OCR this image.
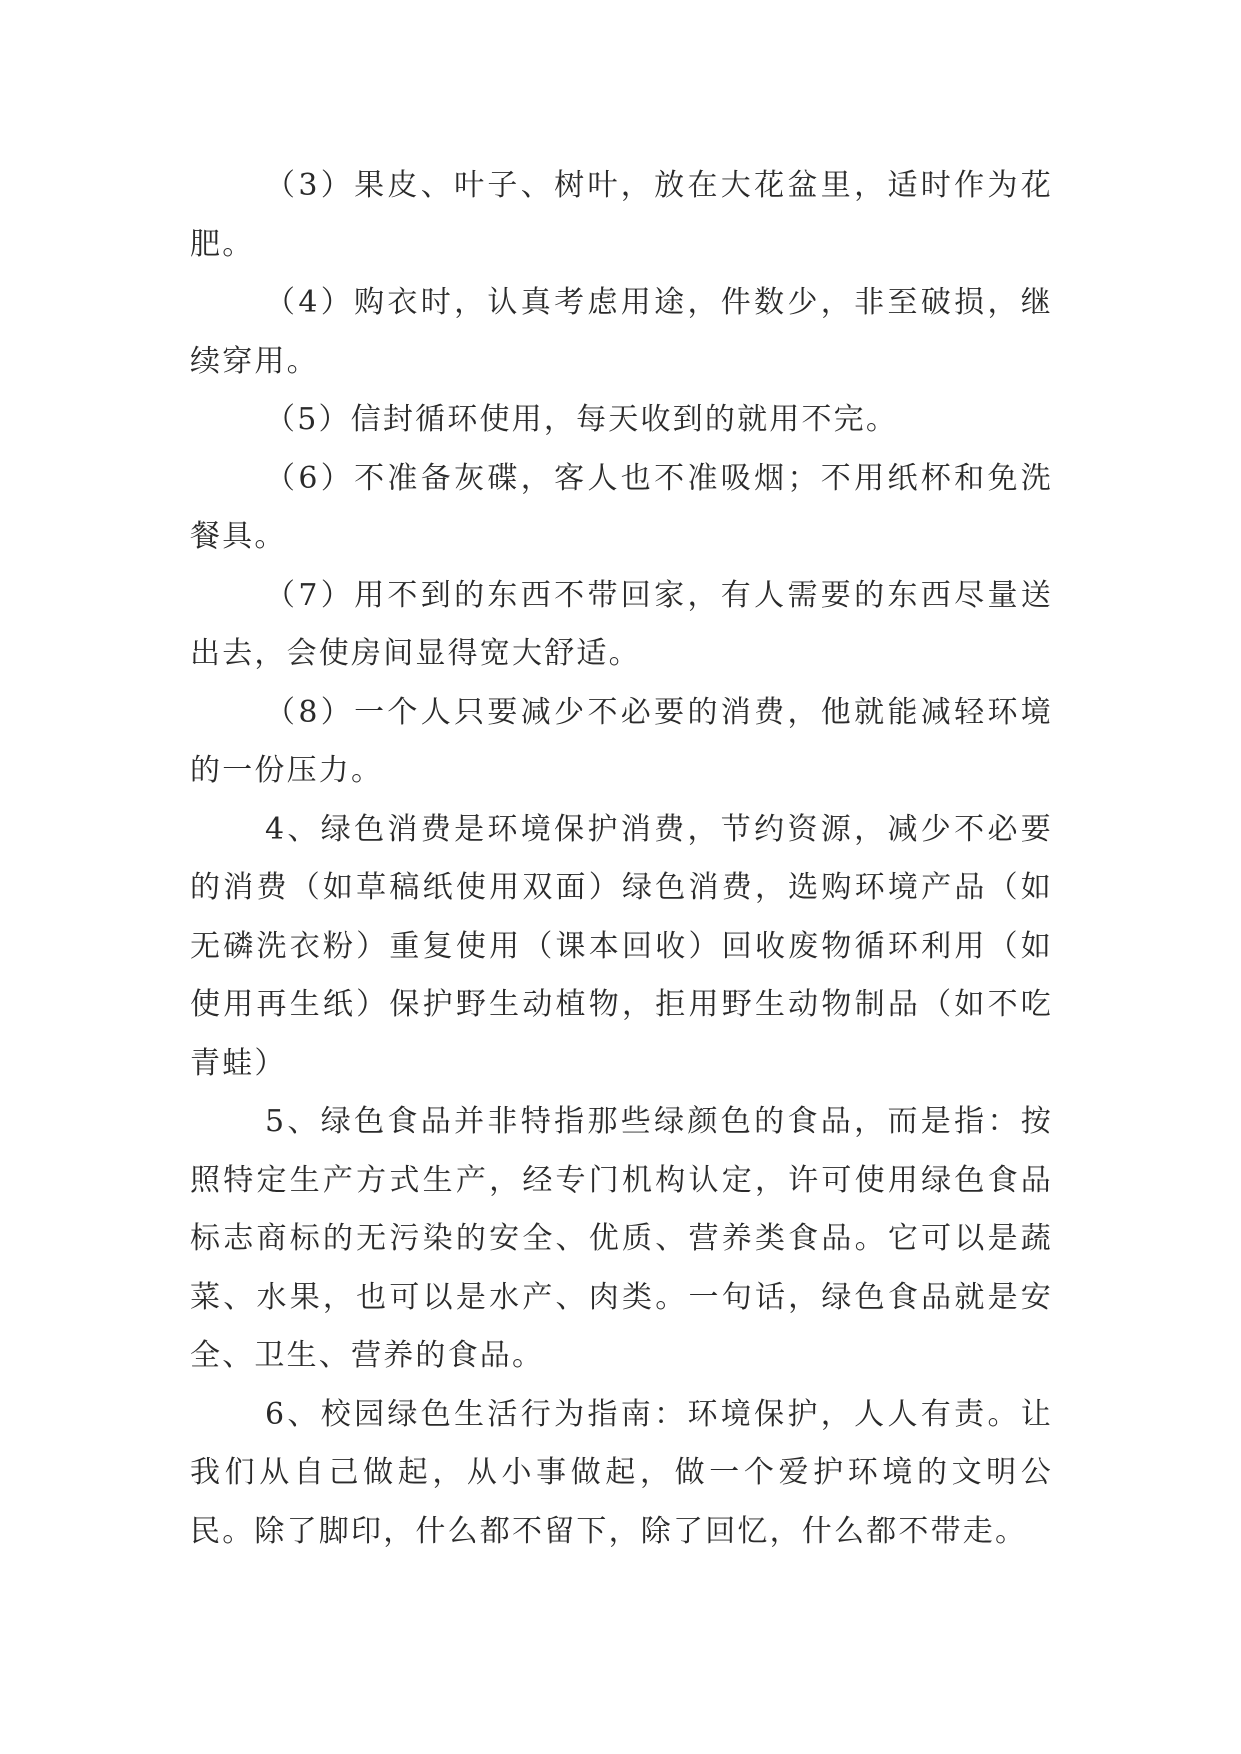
（3）果皮、叶子、树叶，放在大花盆里，适时作为花肥。

（4）购衣时，认真考虑用途，件数少，非至破损，继续穿用。

（5）信封循环使用，每天收到的就用不完。

（6）不准备灰碟，客人也不准吸烟；不用纸杯和免洗餐具。

（7）用不到的东西不带回家，有人需要的东西尽量送出去，会使房间显得宽大舒适。

（8）一个人只要减少不必要的消费，他就能减轻环境的一份压力。

4、绿色消费是环境保护消费，节约资源，减少不必要的消费（如草稿纸使用双面）绿色消费，选购环境产品（如无磷洗衣粉）重复使用（课本回收）回收废物循环利用（如使用再生纸）保护野生动植物，拒用野生动物制品（如不吃青蛙）

5、绿色食品并非特指那些绿颜色的食品，而是指：按照特定生产方式生产，经专门机构认定，许可使用绿色食品标志商标的无污染的安全、优质、营养类食品。它可以是蔬菜、水果，也可以是水产、肉类。一句话，绿色食品就是安全、卫生、营养的食品。

6、校园绿色生活行为指南：环境保护，人人有责。让我们从自己做起，从小事做起，做一个爱护环境的文明公民。除了脚印，什么都不留下，除了回忆，什么都不带走。
